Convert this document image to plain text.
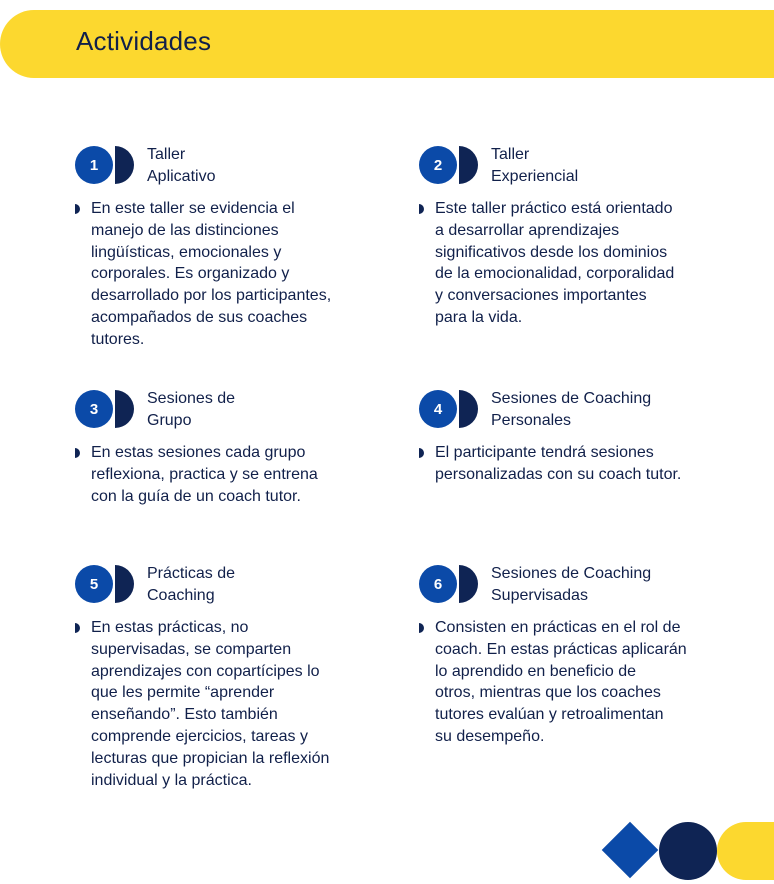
Actividades
1
Taller
Aplicativo
En este taller se evidencia el
manejo de las distinciones
lingüísticas, emocionales y
corporales. Es organizado y
desarrollado por los participantes,
acompañados de sus coaches
tutores.
2
Taller
Experiencial
Este taller práctico está orientado
a desarrollar aprendizajes
significativos desde los dominios
de la emocionalidad, corporalidad
y conversaciones importantes
para la vida.
3
Sesiones de
Grupo
En estas sesiones cada grupo
reflexiona, practica y se entrena
con la guía de un coach tutor.
4
Sesiones de Coaching
Personales
El participante tendrá sesiones
personalizadas con su coach tutor.
5
Prácticas de
Coaching
En estas prácticas, no
supervisadas, se comparten
aprendizajes con copartícipes lo
que les permite “aprender
enseñando”. Esto también
comprende ejercicios, tareas y
lecturas que propician la reflexión
individual y la práctica.
6
Sesiones de Coaching
Supervisadas
Consisten en prácticas en el rol de
coach. En estas prácticas aplicarán
lo aprendido en beneficio de
otros, mientras que los coaches
tutores evalúan y retroalimentan
su desempeño.
